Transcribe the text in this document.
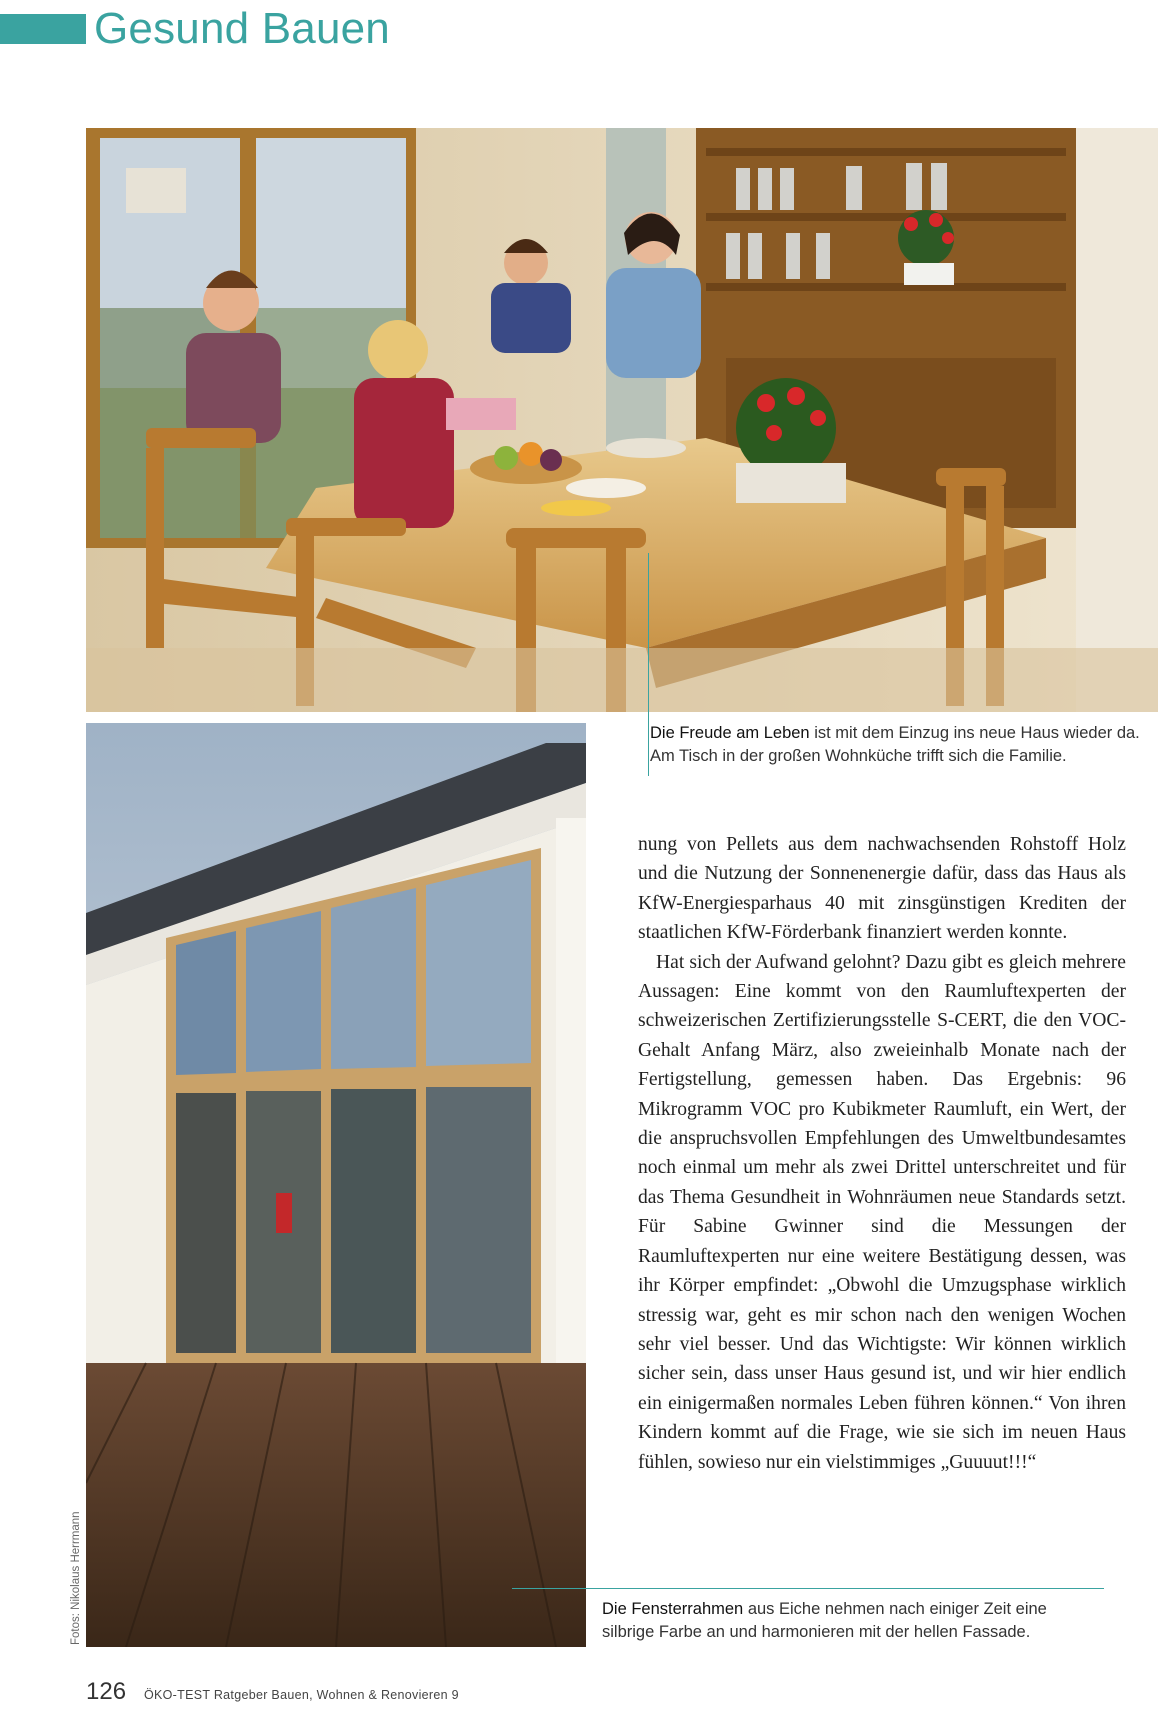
Gesund Bauen
Die Freude am Leben ist mit dem Einzug ins neue Haus wieder da. Am Tisch in der großen Wohnküche trifft sich die Familie.

nung von Pellets aus dem nachwachsenden Rohstoff Holz und die Nutzung der Sonnenenergie dafür, dass das Haus als KfW-Energiesparhaus 40 mit zinsgünstigen Krediten der staatlichen KfW-Förderbank finanziert werden konnte.

Hat sich der Aufwand gelohnt? Dazu gibt es gleich mehrere Aussagen: Eine kommt von den Raumluftexperten der schweizerischen Zertifizierungsstelle S-CERT, die den VOC-Gehalt Anfang März, also zweieinhalb Monate nach der Fertigstellung, gemessen haben. Das Ergebnis: 96 Mikrogramm VOC pro Kubikmeter Raumluft, ein Wert, der die anspruchsvollen Empfehlungen des Umweltbundesamtes noch einmal um mehr als zwei Drittel unterschreitet und für das Thema Gesundheit in Wohnräumen neue Standards setzt. Für Sabine Gwinner sind die Messungen der Raumluftexperten nur eine weitere Bestätigung dessen, was ihr Körper empfindet: „Obwohl die Umzugsphase wirklich stressig war, geht es mir schon nach den wenigen Wochen sehr viel besser. Und das Wichtigste: Wir können wirklich sicher sein, dass unser Haus gesund ist, und wir hier endlich ein einigermaßen normales Leben führen können.“ Von ihren Kindern kommt auf die Frage, wie sie sich im neuen Haus fühlen, sowieso nur ein vielstimmiges „Guuuut!!!“

Die Fensterrahmen aus Eiche nehmen nach einiger Zeit eine silbrige Farbe an und harmonieren mit der hellen Fassade.
Fotos: Nikolaus Herrmann
126 ÖKO-TEST Ratgeber Bauen, Wohnen & Renovieren 9
